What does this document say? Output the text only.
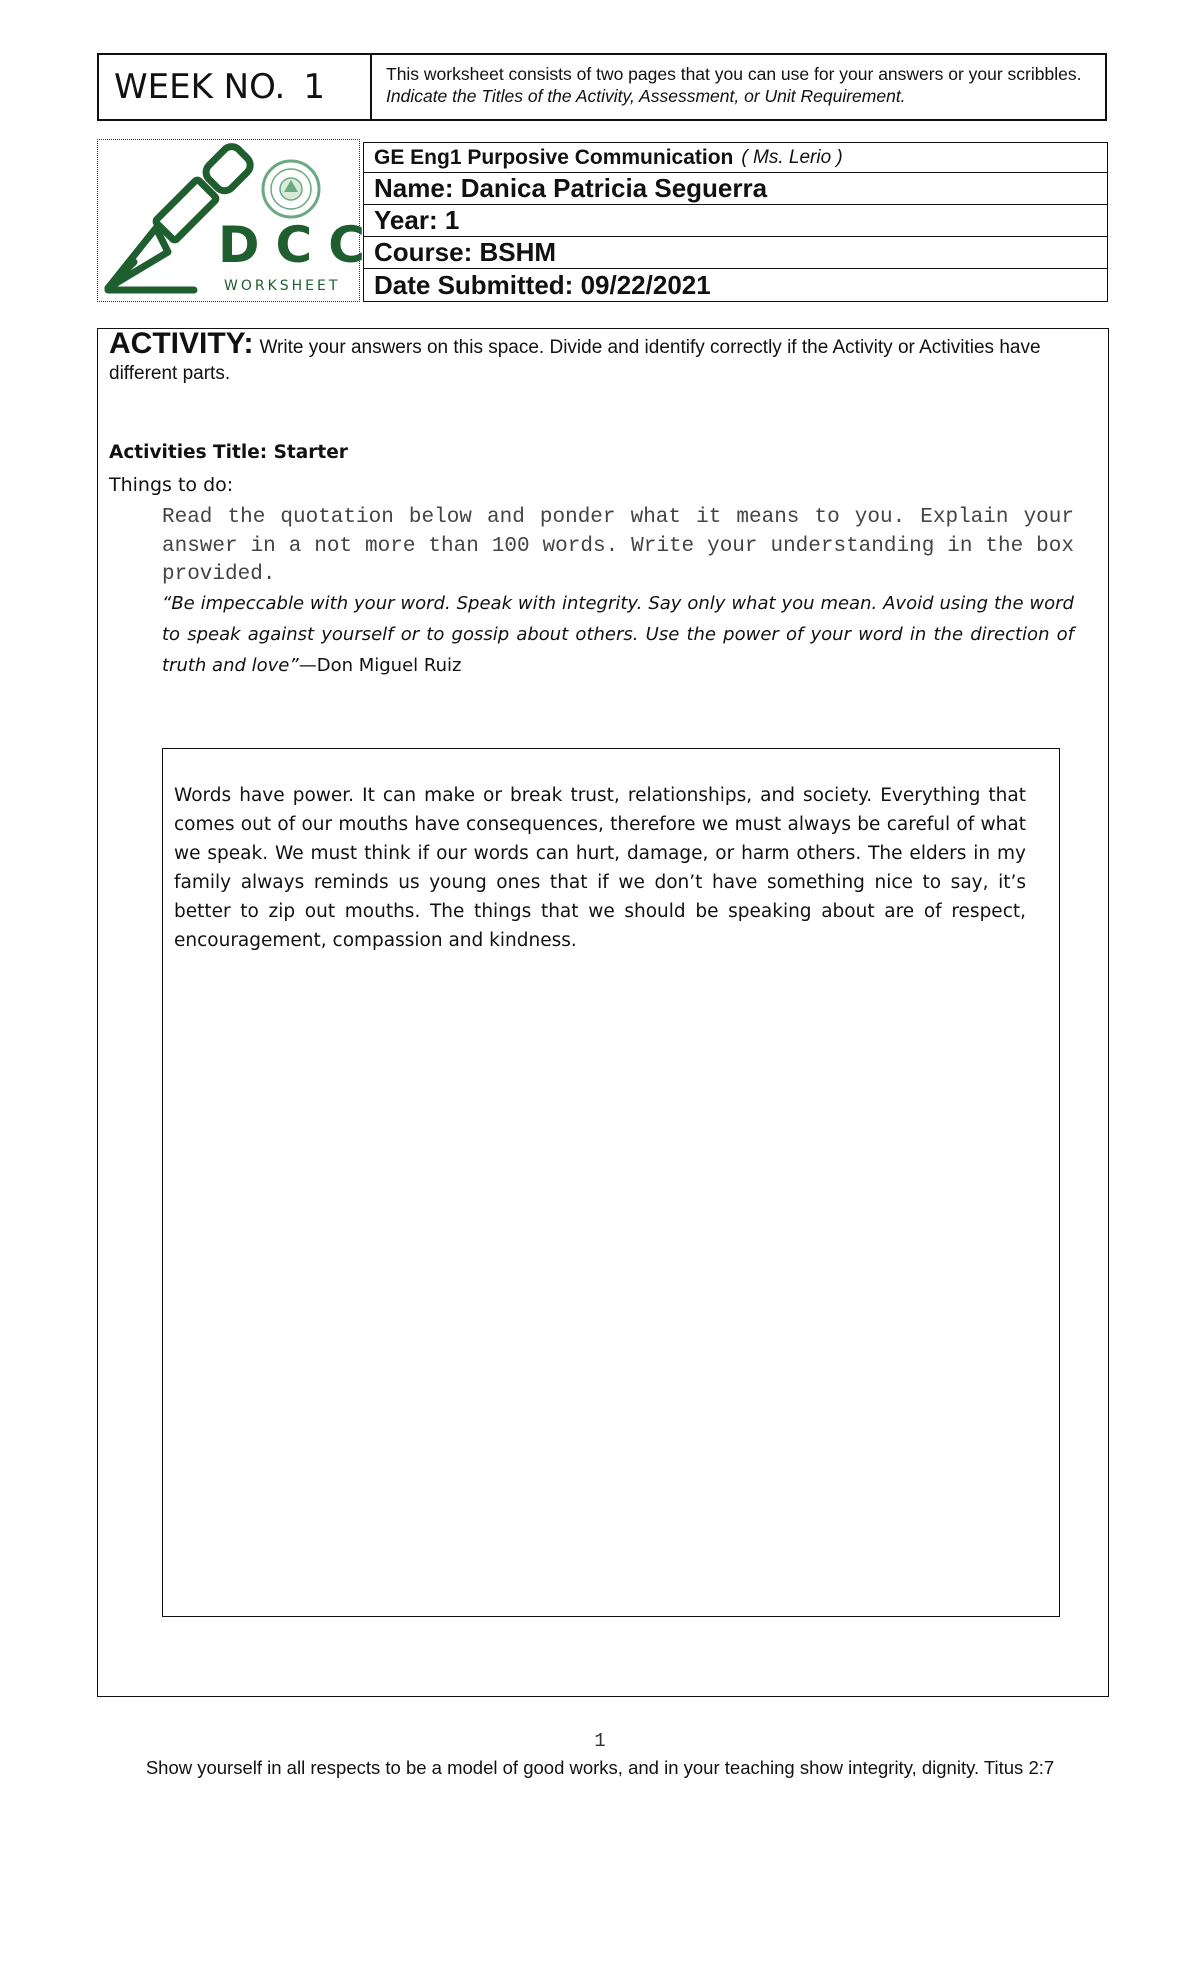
WEEK NO. 1	This worksheet consists of two pages that you can use for your answers or your scribbles. Indicate the Titles of the Activity, Assessment, or Unit Requirement.
DCC
WORKSHEET
GE Eng1 Purposive Communication ( Ms. Lerio )
Name: Danica Patricia Seguerra
Year: 1
Course: BSHM
Date Submitted: 09/22/2021
ACTIVITY: Write your answers on this space. Divide and identify correctly if the Activity or Activities have different parts.
Activities Title: Starter
Things to do:
Read the quotation below and ponder what it means to you. Explain your answer in a not more than 100 words. Write your understanding in the box provided.
“Be impeccable with your word. Speak with integrity. Say only what you mean. Avoid using the word to speak against yourself or to gossip about others. Use the power of your word in the direction of truth and love”—Don Miguel Ruiz
Words have power. It can make or break trust, relationships, and society. Everything that comes out of our mouths have consequences, therefore we must always be careful of what we speak. We must think if our words can hurt, damage, or harm others. The elders in my family always reminds us young ones that if we don’t have something nice to say, it’s better to zip out mouths. The things that we should be speaking about are of respect, encouragement, compassion and kindness.
1
Show yourself in all respects to be a model of good works, and in your teaching show integrity, dignity. Titus 2:7
